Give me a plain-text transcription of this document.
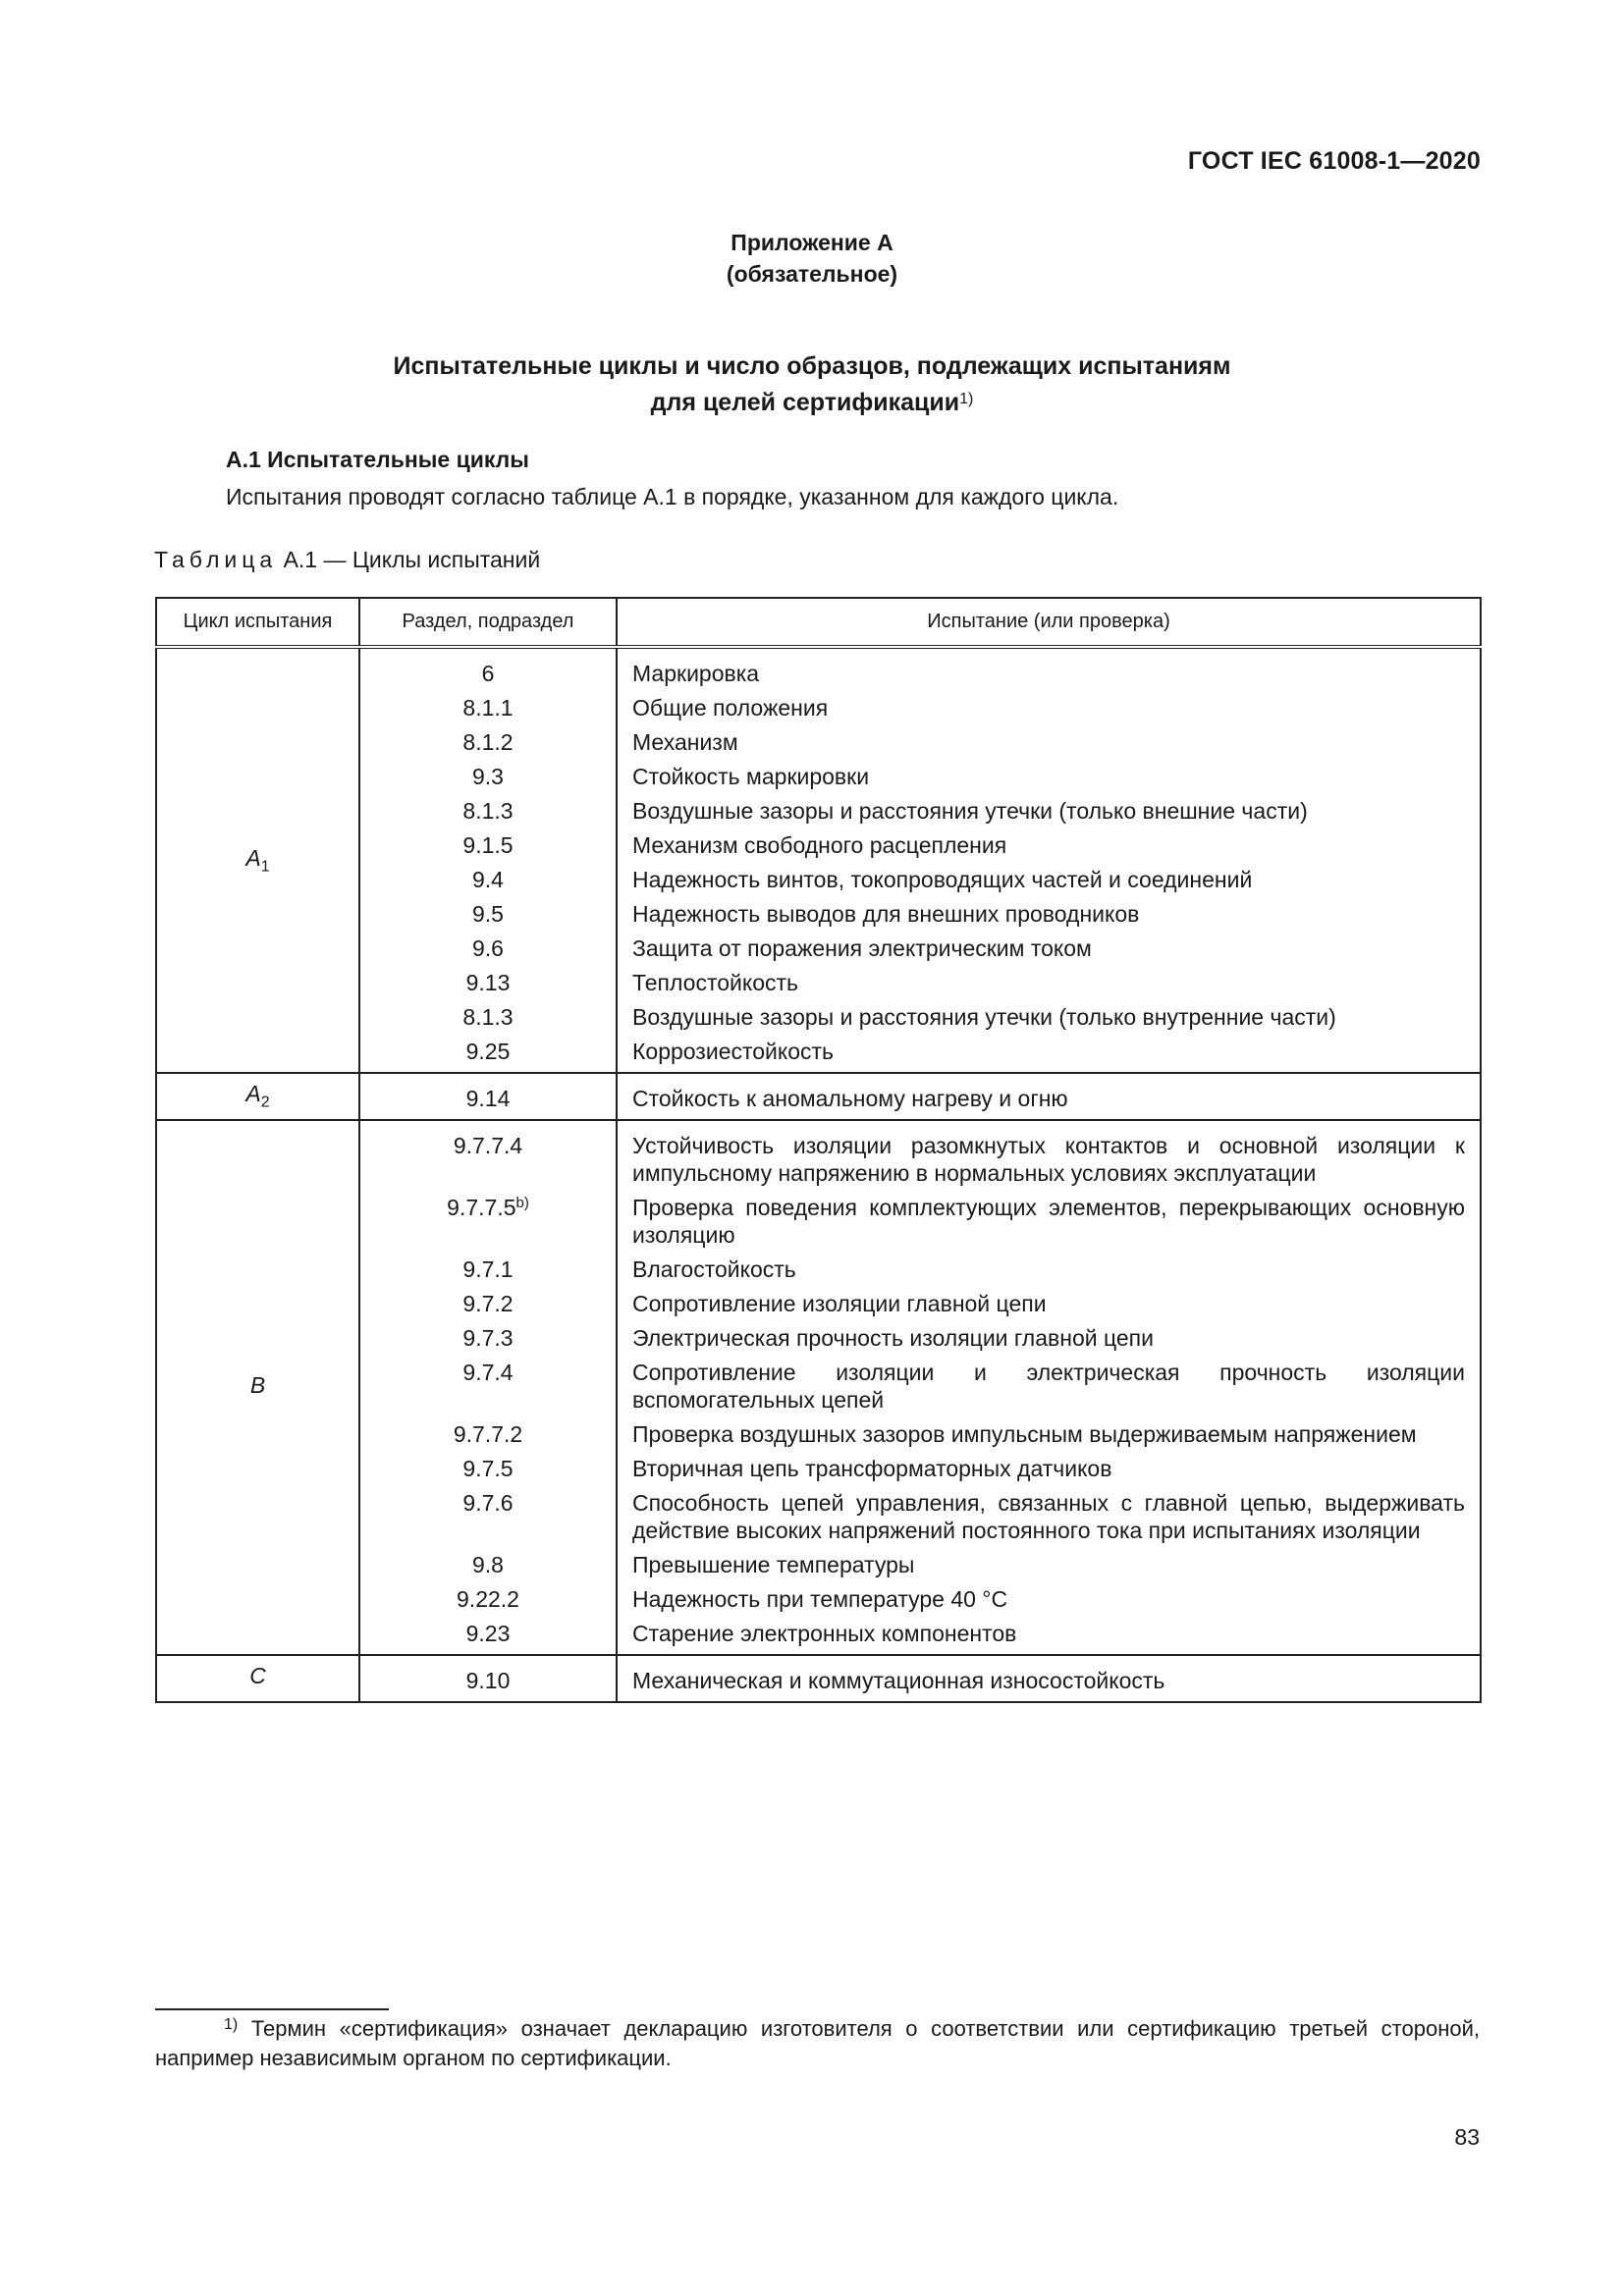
ГОСТ IEC 61008-1—2020
Приложение А
(обязательное)
Испытательные циклы и число образцов, подлежащих испытаниям
для целей сертификации$^{1)}$
А.1 Испытательные циклы
Испытания проводят согласно таблице А.1 в порядке, указанном для каждого цикла.
Таблица А.1 — Циклы испытаний
Цикл испытания	Раздел, подраздел	Испытание (или проверка)
$A_1$	6	Маркировка
	8.1.1	Общие положения
	8.1.2	Механизм
	9.3	Стойкость маркировки
	8.1.3	Воздушные зазоры и расстояния утечки (только внешние части)
	9.1.5	Механизм свободного расцепления
	9.4	Надежность винтов, токопроводящих частей и соединений
	9.5	Надежность выводов для внешних проводников
	9.6	Защита от поражения электрическим током
	9.13	Теплостойкость
	8.1.3	Воздушные зазоры и расстояния утечки (только внутренние части)
	9.25	Коррозиестойкость
$A_2$	9.14	Стойкость к аномальному нагреву и огню
B	9.7.7.4	Устойчивость изоляции разомкнутых контактов и основной изоляции к импульсному напряжению в нормальных условиях эксплуатации
	9.7.7.5$^{b)}$	Проверка поведения комплектующих элементов, перекрывающих основную изоляцию
	9.7.1	Влагостойкость
	9.7.2	Сопротивление изоляции главной цепи
	9.7.3	Электрическая прочность изоляции главной цепи
	9.7.4	Сопротивление изоляции и электрическая прочность изоляции вспомогательных цепей
	9.7.7.2	Проверка воздушных зазоров импульсным выдерживаемым напряжением
	9.7.5	Вторичная цепь трансформаторных датчиков
	9.7.6	Способность цепей управления, связанных с главной цепью, выдерживать действие высоких напряжений постоянного тока при испытаниях изоляции
	9.8	Превышение температуры
	9.22.2	Надежность при температуре 40 °С
	9.23	Старение электронных компонентов
C	9.10	Механическая и коммутационная износостойкость
$^{1)}$ Термин «сертификация» означает декларацию изготовителя о соответствии или сертификацию третьей стороной, например независимым органом по сертификации.
83
